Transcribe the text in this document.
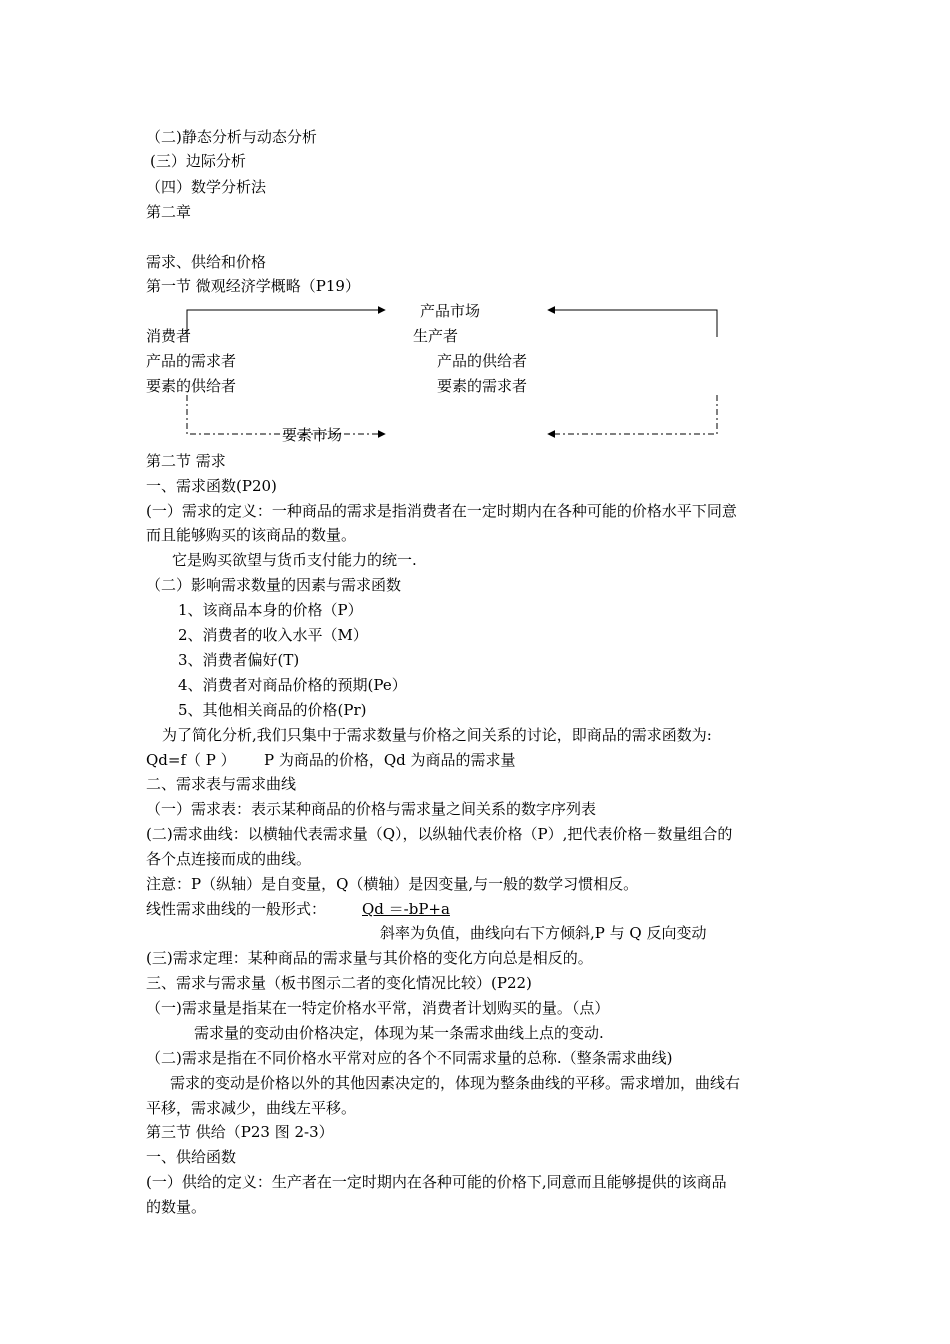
（二)静态分析与动态分析
(三）边际分析
（四）数学分析法
第二章
需求、供给和价格
第一节 微观经济学概略（P19）
产品市场
消费者
产品的需求者
要素的供给者
生产者
产品的供给者
要素的需求者
要素市场
第二节 需求
一、需求函数(P20)
(一）需求的定义：一种商品的需求是指消费者在一定时期内在各种可能的价格水平下同意
而且能够购买的该商品的数量。
它是购买欲望与货币支付能力的统一.
（二）影响需求数量的因素与需求函数
1、该商品本身的价格（P）
2、消费者的收入水平（M）
3、消费者偏好(T)
4、消费者对商品价格的预期(Pe）
5、其他相关商品的价格(Pr)
为了简化分析,我们只集中于需求数量与价格之间关系的讨论，即商品的需求函数为:
Qd=f（ P ） P 为商品的价格，Qd 为商品的需求量
二、需求表与需求曲线
（一）需求表：表示某种商品的价格与需求量之间关系的数字序列表
(二)需求曲线：以横轴代表需求量（Q），以纵轴代表价格（P）,把代表价格－数量组合的
各个点连接而成的曲线。
注意：P（纵轴）是自变量，Q（横轴）是因变量,与一般的数学习惯相反。
线性需求曲线的一般形式： Qd ＝-bP+a
斜率为负值，曲线向右下方倾斜,P 与 Q 反向变动
(三)需求定理：某种商品的需求量与其价格的变化方向总是相反的。
三、需求与需求量（板书图示二者的变化情况比较）(P22)
（一)需求量是指某在一特定价格水平常，消费者计划购买的量。（点）
需求量的变动由价格决定，体现为某一条需求曲线上点的变动.
（二)需求是指在不同价格水平常对应的各个不同需求量的总称.（整条需求曲线)
需求的变动是价格以外的其他因素决定的，体现为整条曲线的平移。需求增加，曲线右
平移，需求减少，曲线左平移。
第三节 供给（P23 图 2-3）
一、供给函数
(一）供给的定义：生产者在一定时期内在各种可能的价格下,同意而且能够提供的该商品
的数量。
